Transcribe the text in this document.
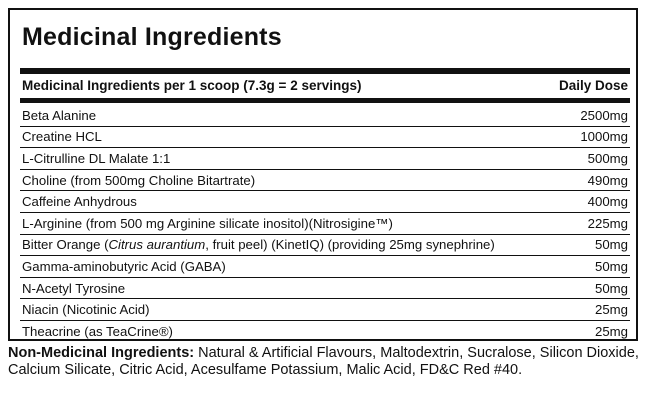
Medicinal Ingredients
Medicinal Ingredients per 1 scoop (7.3g = 2 servings)	Daily Dose
Beta Alanine	2500mg
Creatine HCL	1000mg
L-Citrulline DL Malate 1:1	500mg
Choline (from 500mg Choline Bitartrate)	490mg
Caffeine Anhydrous	400mg
L-Arginine (from 500 mg Arginine silicate inositol)(Nitrosigine™)	225mg
Bitter Orange (Citrus aurantium, fruit peel) (KinetIQ) (providing 25mg synephrine)	50mg
Gamma-aminobutyric Acid (GABA)	50mg
N-Acetyl Tyrosine	50mg
Niacin (Nicotinic Acid)	25mg
Theacrine (as TeaCrine®)	25mg
Non-Medicinal Ingredients: Natural & Artificial Flavours, Maltodextrin, Sucralose, Silicon Dioxide, Calcium Silicate, Citric Acid, Acesulfame Potassium, Malic Acid, FD&C Red #40.
